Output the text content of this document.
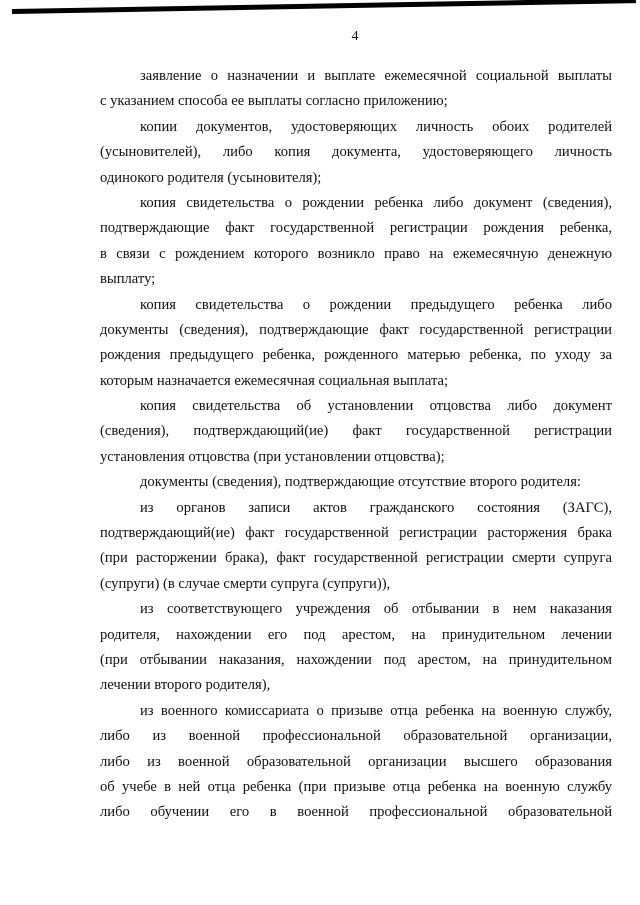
4
заявление о назначении и выплате ежемесячной социальной выплаты
с указанием способа ее выплаты согласно приложению;
копии документов, удостоверяющих личность обоих родителей
(усыновителей), либо копия документа, удостоверяющего личность
одинокого родителя (усыновителя);
копия свидетельства о рождении ребенка либо документ (сведения),
подтверждающие факт государственной регистрации рождения ребенка,
в связи с рождением которого возникло право на ежемесячную денежную
выплату;
копия свидетельства о рождении предыдущего ребенка либо
документы (сведения), подтверждающие факт государственной регистрации
рождения предыдущего ребенка, рожденного матерью ребенка, по уходу за
которым назначается ежемесячная социальная выплата;
копия свидетельства об установлении отцовства либо документ
(сведения), подтверждающий(ие) факт государственной регистрации
установления отцовства (при установлении отцовства);
документы (сведения), подтверждающие отсутствие второго родителя:
из органов записи актов гражданского состояния (ЗАГС),
подтверждающий(ие) факт государственной регистрации расторжения брака
(при расторжении брака), факт государственной регистрации смерти супруга
(супруги) (в случае смерти супруга (супруги)),
из соответствующего учреждения об отбывании в нем наказания
родителя, нахождении его под арестом, на принудительном лечении
(при отбывании наказания, нахождении под арестом, на принудительном
лечении второго родителя),
из военного комиссариата о призыве отца ребенка на военную службу,
либо из военной профессиональной образовательной организации,
либо из военной образовательной организации высшего образования
об учебе в ней отца ребенка (при призыве отца ребенка на военную службу
либо обучении его в военной профессиональной образовательной
